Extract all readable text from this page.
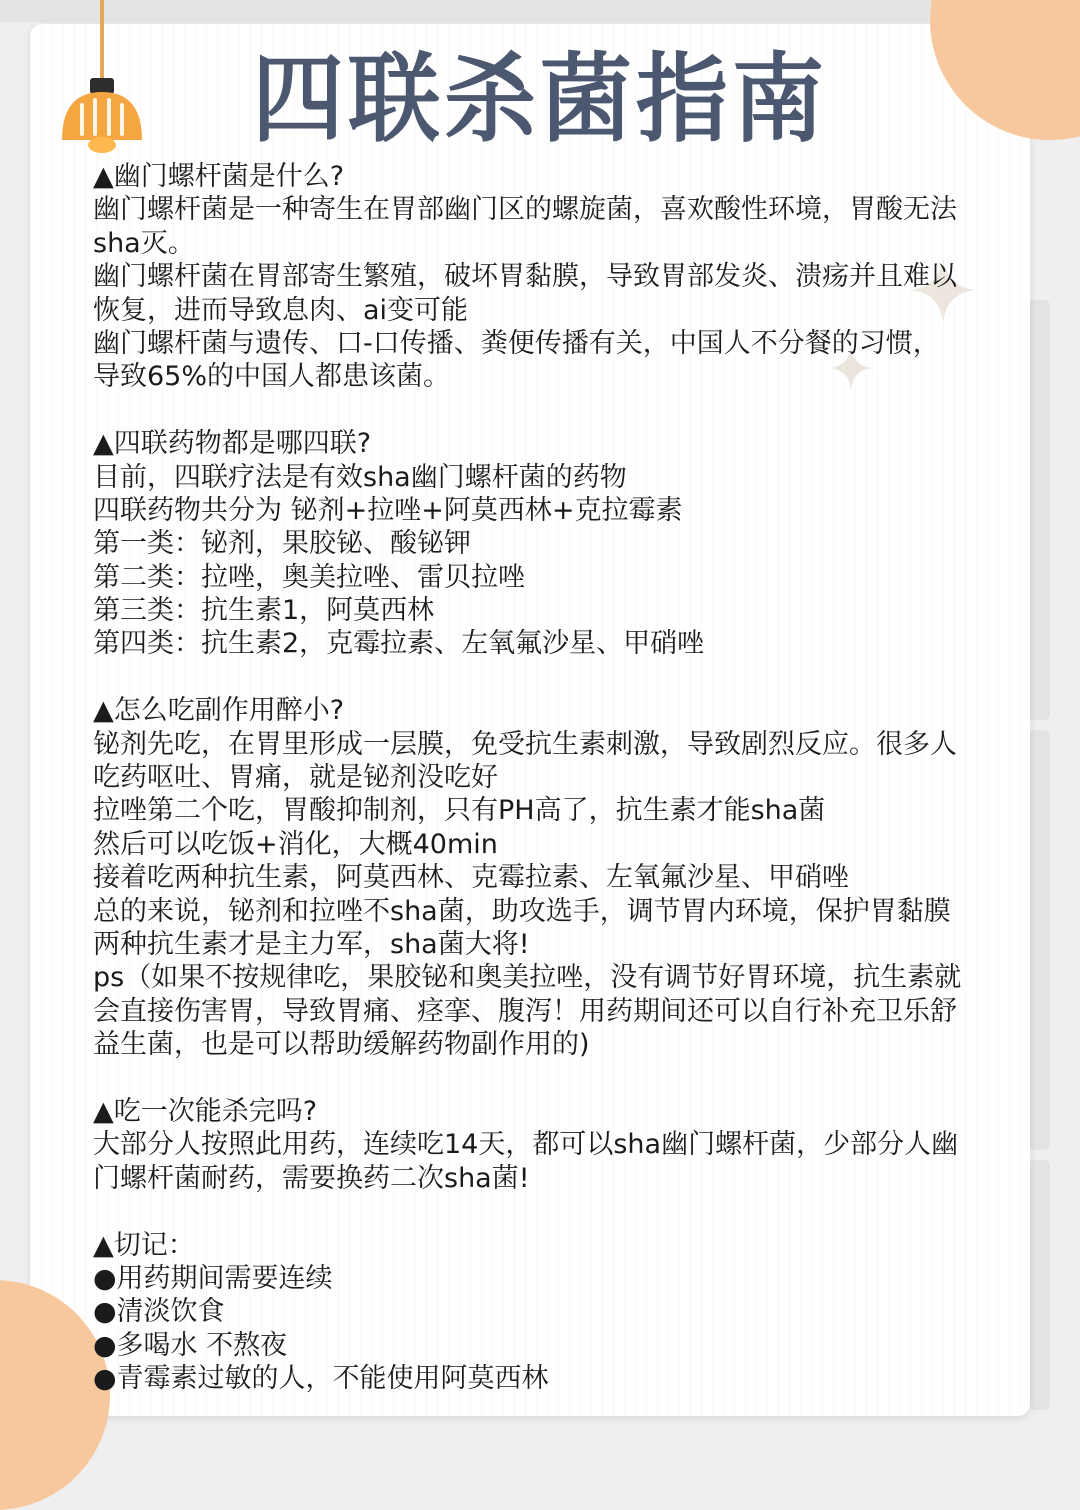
四联杀菌指南
▲幽门螺杆菌是什么?
幽门螺杆菌是一种寄生在胃部幽门区的螺旋菌，喜欢酸性环境，胃酸无法
sha灭。
幽门螺杆菌在胃部寄生繁殖，破坏胃黏膜，导致胃部发炎、溃疡并且难以
恢复，进而导致息肉、ai变可能
幽门螺杆菌与遗传、口-口传播、粪便传播有关，中国人不分餐的习惯，
导致65%的中国人都患该菌。
▲四联药物都是哪四联?
目前，四联疗法是有效sha幽门螺杆菌的药物
四联药物共分为 铋剂+拉唑+阿莫西林+克拉霉素
第一类：铋剂，果胶铋、酸铋钾
第二类：拉唑，奥美拉唑、雷贝拉唑
第三类：抗生素1，阿莫西林
第四类：抗生素2，克霉拉素、左氧氟沙星、甲硝唑
▲怎么吃副作用醉小?
铋剂先吃，在胃里形成一层膜，免受抗生素刺激，导致剧烈反应。很多人
吃药呕吐、胃痛，就是铋剂没吃好
拉唑第二个吃，胃酸抑制剂，只有PH高了，抗生素才能sha菌
然后可以吃饭+消化，大概40min
接着吃两种抗生素，阿莫西林、克霉拉素、左氧氟沙星、甲硝唑
总的来说，铋剂和拉唑不sha菌，助攻选手，调节胃内环境，保护胃黏膜
两种抗生素才是主力军，sha菌大将!
ps（如果不按规律吃，果胶铋和奥美拉唑，没有调节好胃环境，抗生素就
会直接伤害胃，导致胃痛、痉挛、腹泻！用药期间还可以自行补充卫乐舒
益生菌，也是可以帮助缓解药物副作用的)
▲吃一次能杀完吗?
大部分人按照此用药，连续吃14天，都可以sha幽门螺杆菌，少部分人幽
门螺杆菌耐药，需要换药二次sha菌!
▲切记：
●用药期间需要连续
●清淡饮食
●多喝水 不熬夜
●青霉素过敏的人，不能使用阿莫西林
